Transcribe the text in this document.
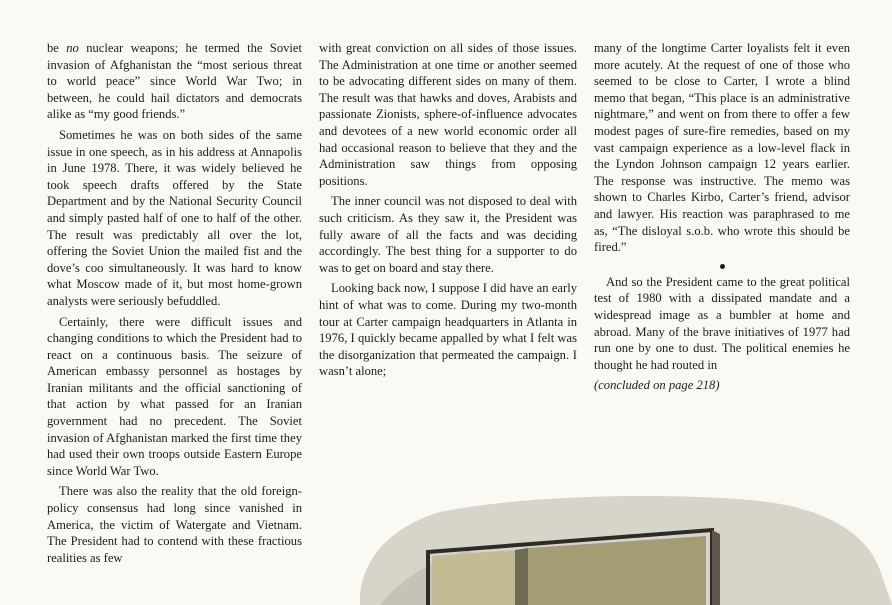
be no nuclear weapons; he termed the Soviet invasion of Afghanistan the “most serious threat to world peace” since World War Two; in between, he could hail dictators and democrats alike as “my good friends.”

Sometimes he was on both sides of the same issue in one speech, as in his address at Annapolis in June 1978. There, it was widely believed he took speech drafts offered by the State Department and by the National Security Council and simply pasted half of one to half of the other. The result was predictably all over the lot, offering the Soviet Union the mailed fist and the dove’s coo simultaneously. It was hard to know what Moscow made of it, but most home-grown analysts were seriously befuddled.

Certainly, there were difficult issues and changing conditions to which the President had to react on a continuous basis. The seizure of American embassy personnel as hostages by Iranian militants and the official sanctioning of that action by what passed for an Iranian government had no precedent. The Soviet invasion of Afghanistan marked the first time they had used their own troops outside Eastern Europe since World War Two.

There was also the reality that the old foreign-policy consensus had long since vanished in America, the victim of Watergate and Vietnam. The President had to contend with these fractious realities as few

with great conviction on all sides of those issues. The Administration at one time or another seemed to be advocating different sides on many of them. The result was that hawks and doves, Arabists and passionate Zionists, sphere-of-influence advocates and devotees of a new world economic order all had occasional reason to believe that they and the Administration saw things from opposing positions.

The inner council was not disposed to deal with such criticism. As they saw it, the President was fully aware of all the facts and was deciding accordingly. The best thing for a supporter to do was to get on board and stay there.

Looking back now, I suppose I did have an early hint of what was to come. During my two-month tour at Carter campaign headquarters in Atlanta in 1976, I quickly became appalled by what I felt was the disorganization that permeated the campaign. I wasn’t alone;

many of the longtime Carter loyalists felt it even more acutely. At the request of one of those who seemed to be close to Carter, I wrote a blind memo that began, “This place is an administrative nightmare,” and went on from there to offer a few modest pages of sure-fire remedies, based on my vast campaign experience as a low-level flack in the Lyndon Johnson campaign 12 years earlier. The response was instructive. The memo was shown to Charles Kirbo, Carter’s friend, advisor and lawyer. His reaction was paraphrased to me as, “The disloyal s.o.b. who wrote this should be fired.”

And so the President came to the great political test of 1980 with a dissipated mandate and a widespread image as a bumbler at home and abroad. Many of the brave initiatives of 1977 had run one by one to dust. The political enemies he thought he had routed in

(concluded on page 218)
